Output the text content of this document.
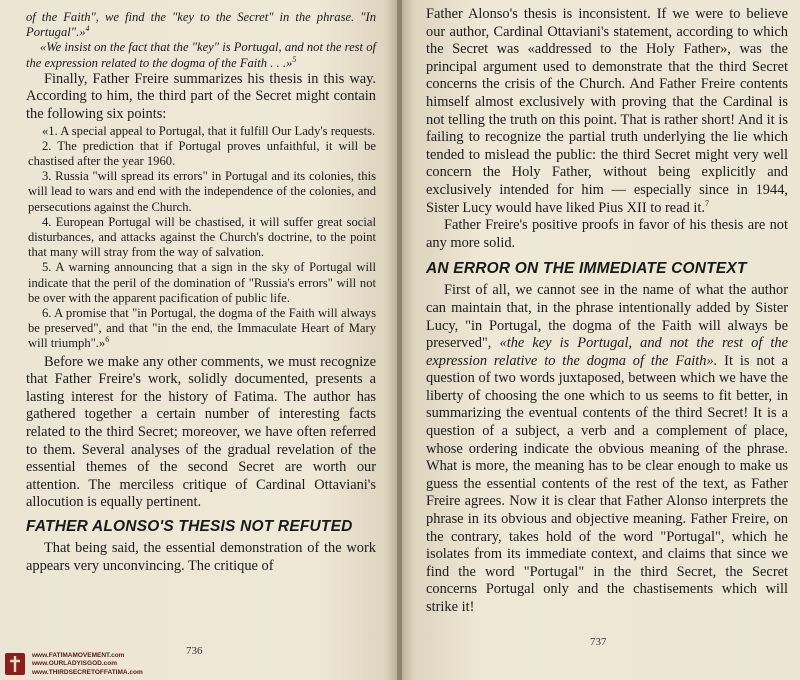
of the Faith", we find the "key to the Secret" in the phrase. "In Portugal".»$^4$

«We insist on the fact that the "key" is Portugal, and not the rest of the expression related to the dogma of the Faith . . .»$^5$

Finally, Father Freire summarizes his thesis in this way. According to him, the third part of the Secret might contain the following six points:

«1. A special appeal to Portugal, that it fulfill Our Lady's requests.

2. The prediction that if Portugal proves unfaithful, it will be chastised after the year 1960.

3. Russia "will spread its errors" in Portugal and its colonies, this will lead to wars and end with the independence of the colonies, and persecutions against the Church.

4. European Portugal will be chastised, it will suffer great social disturbances, and attacks against the Church's doctrine, to the point that many will stray from the way of salvation.

5. A warning announcing that a sign in the sky of Portugal will indicate that the peril of the domination of "Russia's errors" will not be over with the apparent pacification of public life.

6. A promise that "in Portugal, the dogma of the Faith will always be preserved", and that "in the end, the Immaculate Heart of Mary will triumph".»$^6$

Before we make any other comments, we must recognize that Father Freire's work, solidly documented, presents a lasting interest for the history of Fatima. The author has gathered together a certain number of interesting facts related to the third Secret; moreover, we have often referred to them. Several analyses of the gradual revelation of the essential themes of the second Secret are worth our attention. The merciless critique of Cardinal Ottaviani's allocution is equally pertinent.

FATHER ALONSO'S THESIS NOT REFUTED

That being said, the essential demonstration of the work appears very unconvincing. The critique of

736

Father Alonso's thesis is inconsistent. If we were to believe our author, Cardinal Ottaviani's statement, according to which the Secret was «addressed to the Holy Father», was the principal argument used to demonstrate that the third Secret concerns the crisis of the Church. And Father Freire contents himself almost exclusively with proving that the Cardinal is not telling the truth on this point. That is rather short! And it is failing to recognize the partial truth underlying the lie which tended to mislead the public: the third Secret might very well concern the Holy Father, without being explicitly and exclusively intended for him — especially since in 1944, Sister Lucy would have liked Pius XII to read it.$^7$

Father Freire's positive proofs in favor of his thesis are not any more solid.

AN ERROR ON THE IMMEDIATE CONTEXT

First of all, we cannot see in the name of what the author can maintain that, in the phrase intentionally added by Sister Lucy, "in Portugal, the dogma of the Faith will always be preserved", «the key is Portugal, and not the rest of the expression relative to the dogma of the Faith». It is not a question of two words juxtaposed, between which we have the liberty of choosing the one which to us seems to fit better, in summarizing the eventual contents of the third Secret! It is a question of a subject, a verb and a complement of place, whose ordering indicate the obvious meaning of the phrase. What is more, the meaning has to be clear enough to make us guess the essential contents of the rest of the text, as Father Freire agrees. Now it is clear that Father Alonso interprets the phrase in its obvious and objective meaning. Father Freire, on the contrary, takes hold of the word "Portugal", which he isolates from its immediate context, and claims that since we find the word "Portugal" in the third Secret, the Secret concerns Portugal only and the chastisements which will strike it!

737
www.FATIMAMOVEMENT.com
www.OURLADYISGOD.com
www.THIRDSECRETOFFATIMA.com
